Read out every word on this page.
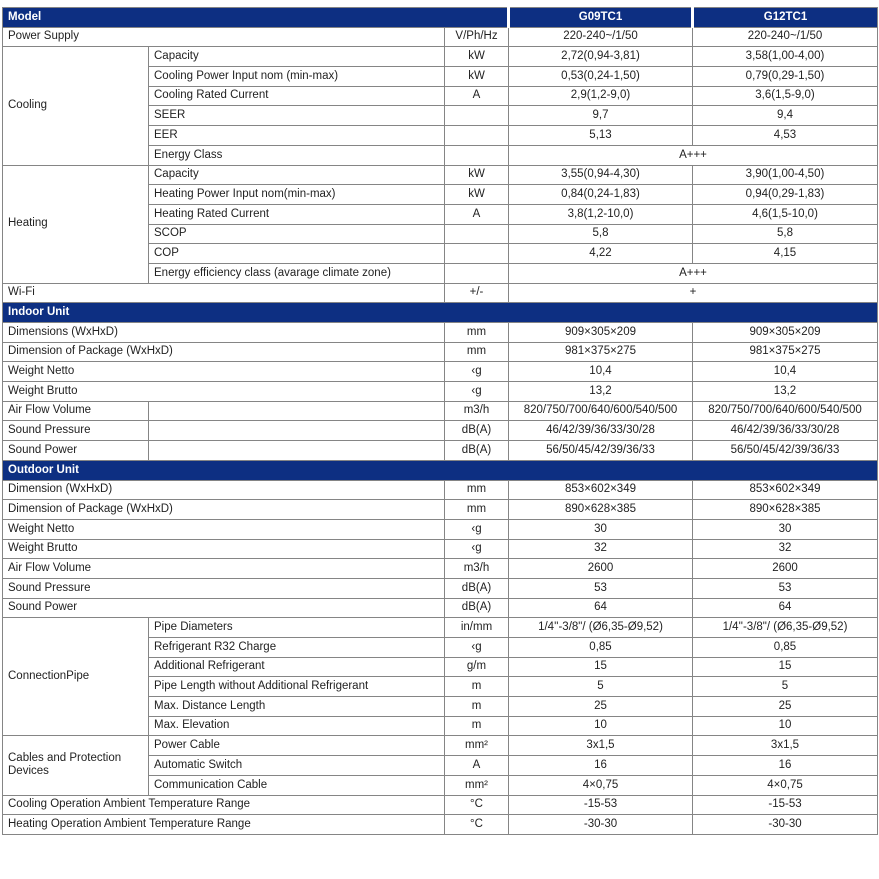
Model			G09TC1	G12TC1
Power Supply		V/Ph/Hz	220-240~/1/50	220-240~/1/50
Cooling	Capacity	kW	2,72(0,94-3,81)	3,58(1,00-4,00)
	Cooling Power Input nom (min-max)	kW	0,53(0,24-1,50)	0,79(0,29-1,50)
	Cooling Rated Current	A	2,9(1,2-9,0)	3,6(1,5-9,0)
	SEER		9,7	9,4
	EER		5,13	4,53
	Energy Class		A+++	
Heating	Capacity	kW	3,55(0,94-4,30)	3,90(1,00-4,50)
	Heating Power Input nom(min-max)	kW	0,84(0,24-1,83)	0,94(0,29-1,83)
	Heating Rated Current	A	3,8(1,2-10,0)	4,6(1,5-10,0)
	SCOP		5,8	5,8
	COP		4,22	4,15
	Energy efficiency class (avarage climate zone)		A+++	
Wi-Fi		+/-	+	
Indoor Unit				
Dimensions (WxHxD)		mm	909×305×209	909×305×209
Dimension of Package (WxHxD)		mm	981×375×275	981×375×275
Weight Netto		‹g	10,4	10,4
Weight Brutto		‹g	13,2	13,2
Air Flow Volume		m3/h	820/750/700/640/600/540/500	820/750/700/640/600/540/500
Sound Pressure		dB(A)	46/42/39/36/33/30/28	46/42/39/36/33/30/28
Sound Power		dB(A)	56/50/45/42/39/36/33	56/50/45/42/39/36/33
Outdoor Unit				
Dimension (WxHxD)		mm	853×602×349	853×602×349
Dimension of Package (WxHxD)		mm	890×628×385	890×628×385
Weight Netto		‹g	30	30
Weight Brutto		‹g	32	32
Air Flow Volume		m3/h	2600	2600
Sound Pressure		dB(A)	53	53
Sound Power		dB(A)	64	64
ConnectionPipe	Pipe Diameters	in/mm	1/4''-3/8"/ (Ø6,35-Ø9,52)	1/4''-3/8"/ (Ø6,35-Ø9,52)
	Refrigerant R32 Charge	‹g	0,85	0,85
	Additional Refrigerant	g/m	15	15
	Pipe Length without Additional Refrigerant	m	5	5
	Max. Distance Length	m	25	25
	Max. Elevation	m	10	10
Cables and Protection Devices	Power Cable	mm²	3x1,5	3x1,5
	Automatic Switch	A	16	16
	Communication Cable	mm²	4×0,75	4×0,75
Cooling Operation Ambient Temperature Range		°C	-15-53	-15-53
Heating Operation Ambient Temperature Range		°C	-30-30	-30-30
